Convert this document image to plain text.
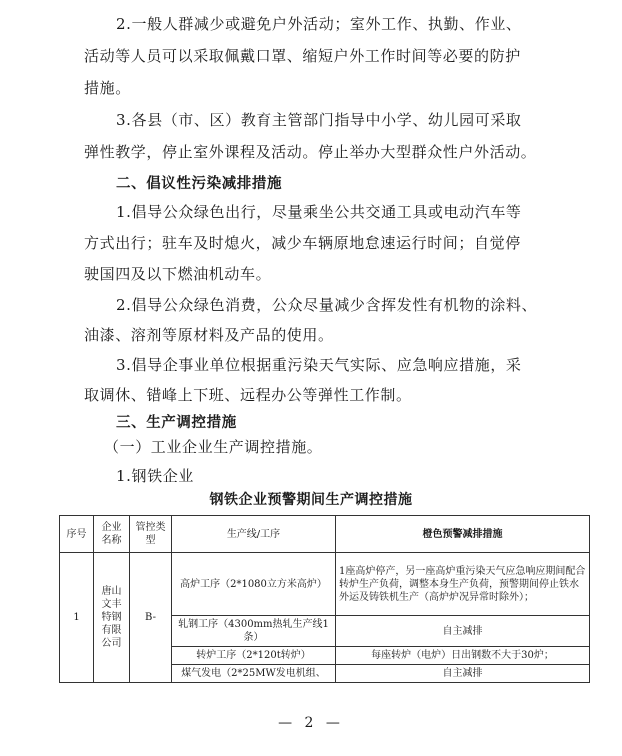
2.一般人群减少或避免户外活动；室外工作、执勤、作业、
活动等人员可以采取佩戴口罩、缩短户外工作时间等必要的防护
措施。
3.各县（市、区）教育主管部门指导中小学、幼儿园可采取
弹性教学，停止室外课程及活动。停止举办大型群众性户外活动。
二、倡议性污染减排措施
1.倡导公众绿色出行，尽量乘坐公共交通工具或电动汽车等
方式出行；驻车及时熄火，减少车辆原地怠速运行时间；自觉停
驶国四及以下燃油机动车。
2.倡导公众绿色消费，公众尽量减少含挥发性有机物的涂料、
油漆、溶剂等原材料及产品的使用。
3.倡导企事业单位根据重污染天气实际、应急响应措施，采
取调休、错峰上下班、远程办公等弹性工作制。
三、生产调控措施
（一）工业企业生产调控措施。
1.钢铁企业
钢铁企业预警期间生产调控措施
序号	企业名称	管控类型	生产线/工序	橙色预警减排措施
1	唐山文丰特钢有限公司	B-	高炉工序（2*1080立方米高炉）	1座高炉停产，另一座高炉重污染天气应急响应期间配合转炉生产负荷，调整本身生产负荷，预警期间停止铁水外运及铸铁机生产（高炉炉况异常时除外）；
			轧钢工序（4300mm热轧生产线1条）	自主减排
			转炉工序（2*120t转炉）	每座转炉（电炉）日出钢数不大于30炉；
			煤气发电（2*25MW发电机组、	自主减排
— 2 —
